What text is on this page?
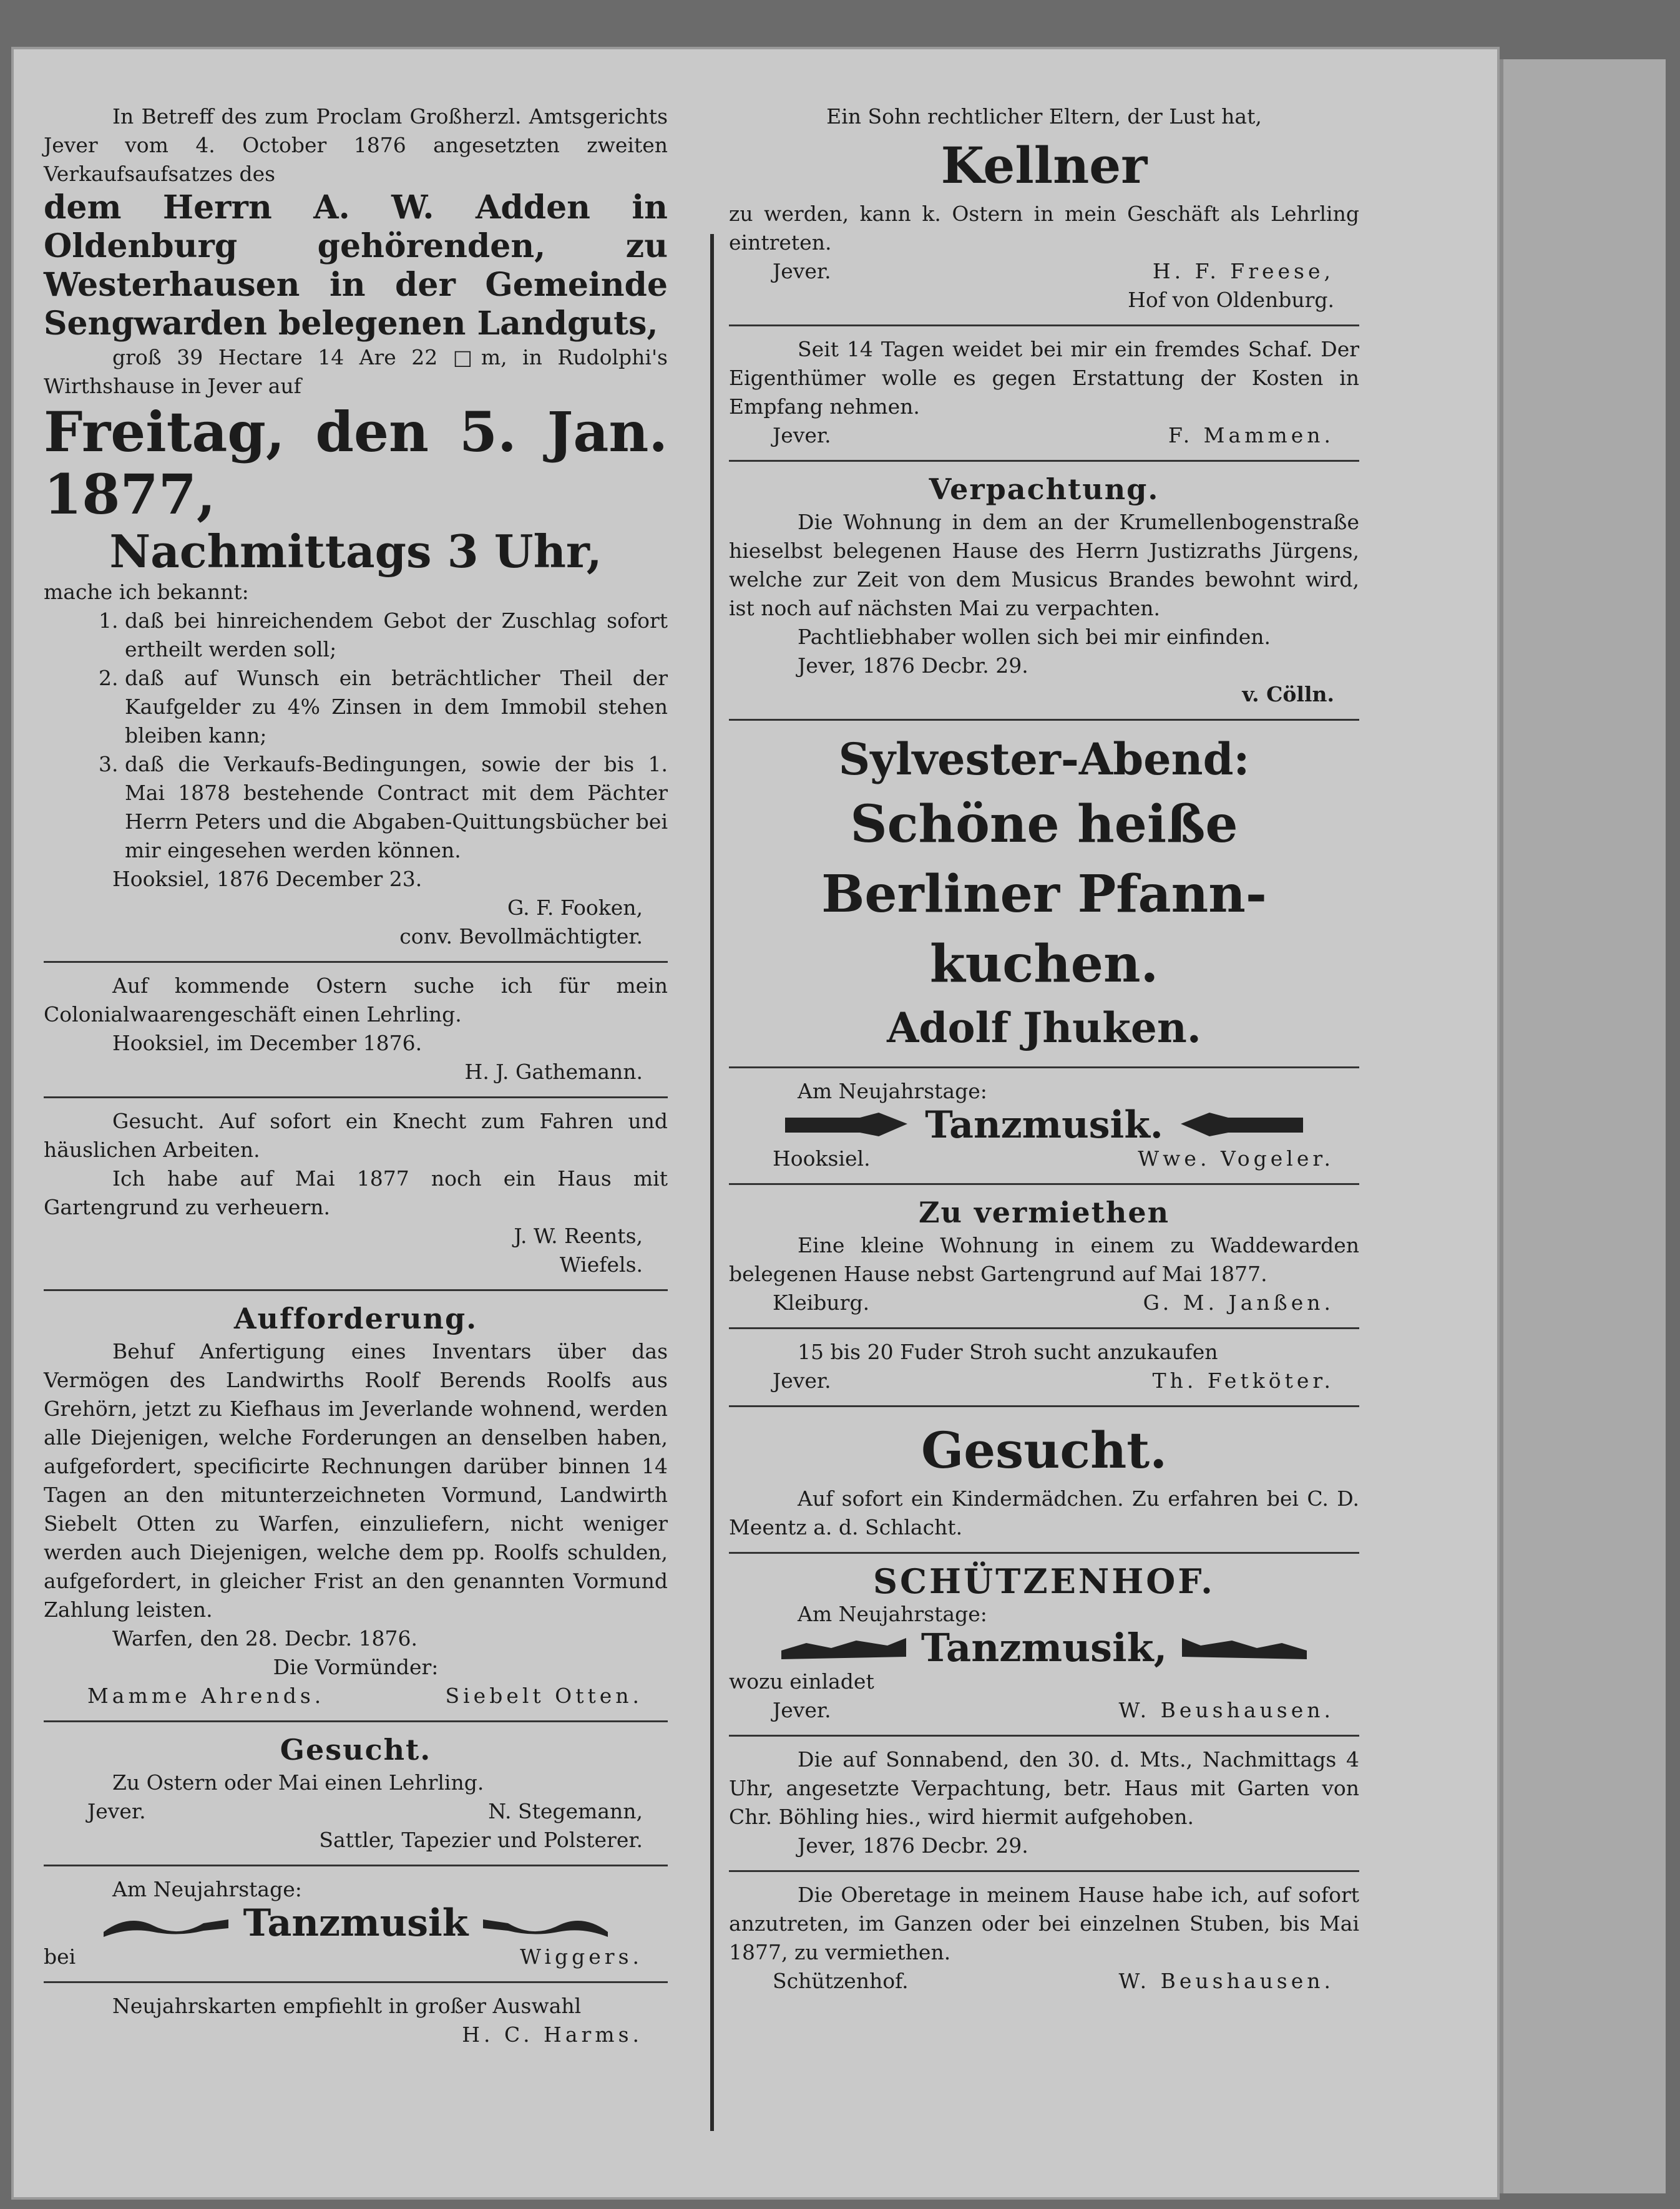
In Betreff des zum Proclam Großherzl. Amtsgerichts Jever vom 4. October 1876 angesetzten zweiten Verkaufsaufsatzes des

dem Herrn A. W. Adden in Oldenburg gehörenden, zu Westerhausen in der Gemeinde Sengwarden belegenen Landguts,

groß 39 Hectare 14 Are 22 □m, in Rudolphi's Wirthshause in Jever auf

Freitag, den 5. Jan. 1877,

Nachmittags 3 Uhr,

mache ich bekannt:

1. daß bei hinreichendem Gebot der Zuschlag sofort ertheilt werden soll;
2. daß auf Wunsch ein beträchtlicher Theil der Kaufgelder zu 4% Zinsen in dem Immobil stehen bleiben kann;
3. daß die Verkaufs-Bedingungen, sowie der bis 1. Mai 1878 bestehende Contract mit dem Pächter Herrn Peters und die Abgaben-Quittungsbücher bei mir eingesehen werden können.

Hooksiel, 1876 December 23.

G. F. Fooken,

conv. Bevollmächtigter.

Auf kommende Ostern suche ich für mein Colonialwaarengeschäft einen Lehrling.

Hooksiel, im December 1876.

H. J. Gathemann.

Gesucht. Auf sofort ein Knecht zum Fahren und häuslichen Arbeiten.

Ich habe auf Mai 1877 noch ein Haus mit Gartengrund zu verheuern.

J. W. Reents,

Wiefels.

Aufforderung.

Behuf Anfertigung eines Inventars über das Vermögen des Landwirths Roolf Berends Roolfs aus Grehörn, jetzt zu Kiefhaus im Jeverlande wohnend, werden alle Diejenigen, welche Forderungen an denselben haben, aufgefordert, specificirte Rechnungen darüber binnen 14 Tagen an den mitunterzeichneten Vormund, Landwirth Siebelt Otten zu Warfen, einzuliefern, nicht weniger werden auch Diejenigen, welche dem pp. Roolfs schulden, aufgefordert, in gleicher Frist an den genannten Vormund Zahlung leisten.

Warfen, den 28. Decbr. 1876.

Die Vormünder:

Mamme Ahrends.	Siebelt Otten.

Gesucht.

Zu Ostern oder Mai einen Lehrling.

Jever.	N. Stegemann,

Sattler, Tapezier und Polsterer.

Am Neujahrstage:

Tanzmusik
bei	Wiggers.

Neujahrskarten empfiehlt in großer Auswahl

H. C. Harms.

Ein Sohn rechtlicher Eltern, der Lust hat,

Kellner

zu werden, kann k. Ostern in mein Geschäft als Lehrling eintreten.

Jever.	H. F. Freese,

Hof von Oldenburg.

Seit 14 Tagen weidet bei mir ein fremdes Schaf. Der Eigenthümer wolle es gegen Erstattung der Kosten in Empfang nehmen.

Jever.	F. Mammen.

Verpachtung.

Die Wohnung in dem an der Krumellenbogenstraße hieselbst belegenen Hause des Herrn Justizraths Jürgens, welche zur Zeit von dem Musicus Brandes bewohnt wird, ist noch auf nächsten Mai zu verpachten.

Pachtliebhaber wollen sich bei mir einfinden.

Jever, 1876 Decbr. 29.

v. Cölln.

Sylvester-Abend:

Schöne heiße

Berliner Pfann-

kuchen.

Adolf Jhuken.

Am Neujahrstage:

Tanzmusik.
Hooksiel.	Wwe. Vogeler.

Zu vermiethen

Eine kleine Wohnung in einem zu Waddewarden belegenen Hause nebst Gartengrund auf Mai 1877.

Kleiburg.	G. M. Janßen.

15 bis 20 Fuder Stroh sucht anzukaufen

Jever.	Th. Fetköter.

Gesucht.

Auf sofort ein Kindermädchen. Zu erfahren bei C. D. Meentz a. d. Schlacht.

SCHÜTZENHOF.

Am Neujahrstage:

Tanzmusik,

wozu einladet

Jever.	W. Beushausen.

Die auf Sonnabend, den 30. d. Mts., Nachmittags 4 Uhr, angesetzte Verpachtung, betr. Haus mit Garten von Chr. Böhling hies., wird hiermit aufgehoben.

Jever, 1876 Decbr. 29.

Die Oberetage in meinem Hause habe ich, auf sofort anzutreten, im Ganzen oder bei einzelnen Stuben, bis Mai 1877, zu vermiethen.

Schützenhof.	W. Beushausen.
